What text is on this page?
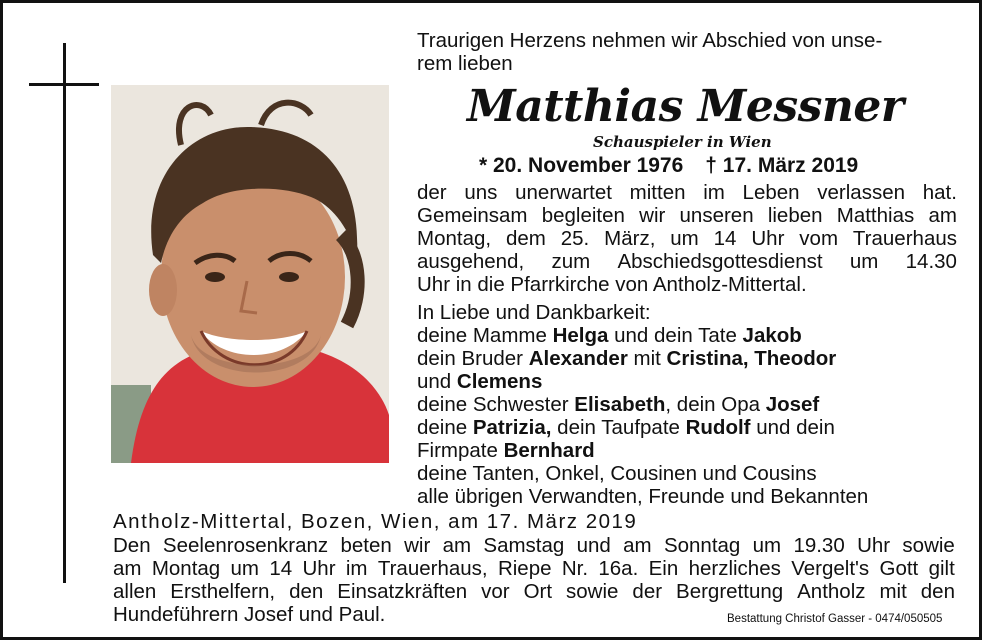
Traurigen Herzens nehmen wir Abschied von unse-
rem lieben
Matthias Messner
Schauspieler in Wien
* 20. November 1976 † 17. März 2019
der uns unerwartet mitten im Leben verlassen hat.
Gemeinsam begleiten wir unseren lieben Matthias am
Montag, dem 25. März, um 14 Uhr vom Trauerhaus
ausgehend, zum Abschiedsgottesdienst um 14.30
Uhr in die Pfarrkirche von Antholz-Mittertal.
In Liebe und Dankbarkeit:
deine Mamme Helga und dein Tate Jakob
dein Bruder Alexander mit Cristina, Theodor
und Clemens
deine Schwester Elisabeth, dein Opa Josef
deine Patrizia, dein Taufpate Rudolf und dein
Firmpate Bernhard
deine Tanten, Onkel, Cousinen und Cousins
alle übrigen Verwandten, Freunde und Bekannten
Antholz-Mittertal, Bozen, Wien, am 17. März 2019
Den Seelenrosenkranz beten wir am Samstag und am Sonntag um 19.30 Uhr sowie
am Montag um 14 Uhr im Trauerhaus, Riepe Nr. 16a. Ein herzliches Vergelt's Gott gilt
allen Ersthelfern, den Einsatzkräften vor Ort sowie der Bergrettung Antholz mit den
Hundeführern Josef und Paul.	Bestattung Christof Gasser - 0474/050505
